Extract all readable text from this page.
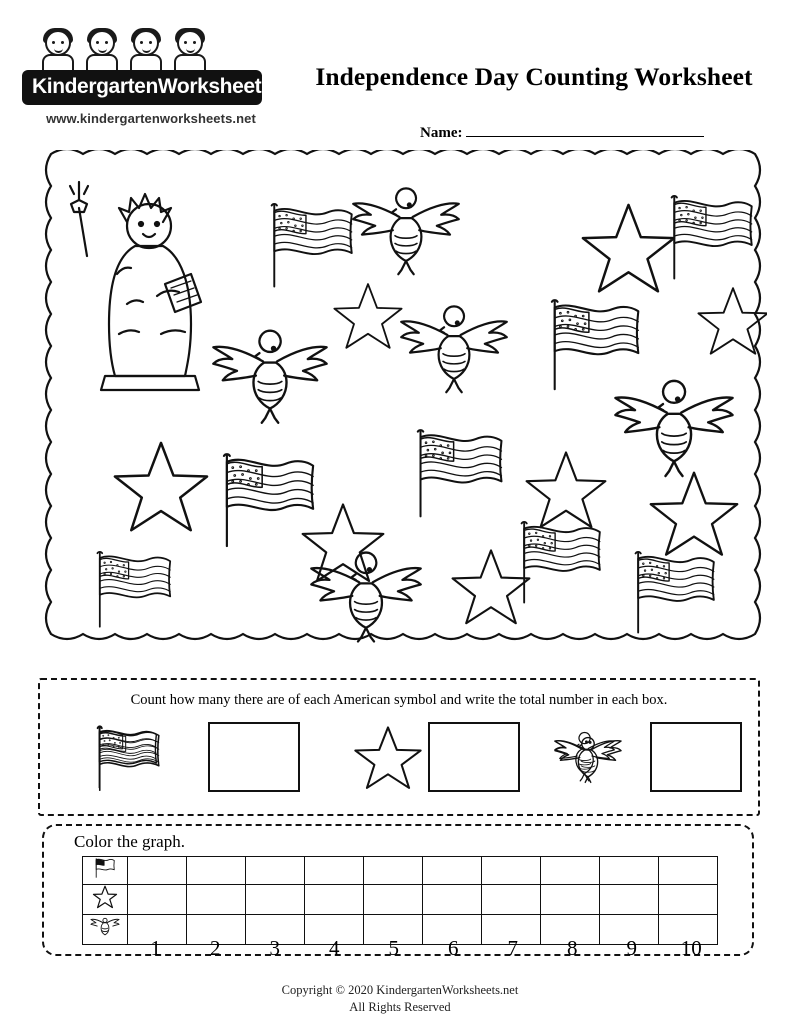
KindergartenWorksheets.net
www.kindergartenworksheets.net
Independence Day Counting Worksheet
Name:
Count how many there are of each American symbol and write the total number in each box.
Color the graph.

1	2	3	4	5	6	7	8	9	10
Copyright © 2020 KindergartenWorksheets.net
All Rights Reserved
